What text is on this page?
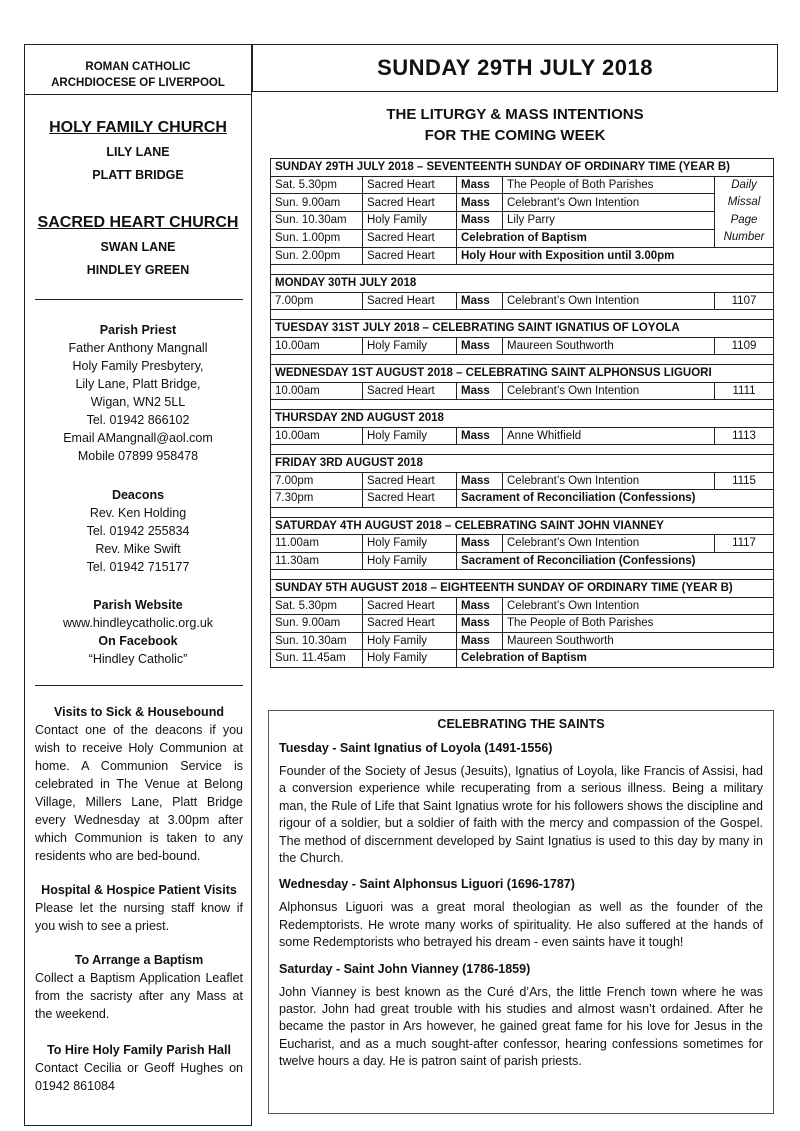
ROMAN CATHOLIC
ARCHDIOCESE OF LIVERPOOL
HOLY FAMILY CHURCH
LILY LANE
PLATT BRIDGE
SACRED HEART CHURCH
SWAN LANE
HINDLEY GREEN
Parish Priest
Father Anthony Mangnall
Holy Family Presbytery,
Lily Lane, Platt Bridge,
Wigan, WN2 5LL
Tel. 01942 866102
Email AMangnall@aol.com
Mobile 07899 958478
Deacons
Rev. Ken Holding
Tel. 01942 255834
Rev. Mike Swift
Tel. 01942 715177
Parish Website
www.hindleycatholic.org.uk
On Facebook
“Hindley Catholic”
Visits to Sick & Housebound
Contact one of the deacons if you wish to receive Holy Communion at home. A Communion Service is celebrated in The Venue at Belong Village, Millers Lane, Platt Bridge every Wednesday at 3.00pm after which Communion is taken to any residents who are bed-bound.
Hospital & Hospice Patient Visits
Please let the nursing staff know if you wish to see a priest.
To Arrange a Baptism
Collect a Baptism Application Leaflet from the sacristy after any Mass at the weekend.
To Hire Holy Family Parish Hall
Contact Cecilia or Geoff Hughes on 01942 861084
SUNDAY 29TH JULY 2018
THE LITURGY & MASS INTENTIONS
FOR THE COMING WEEK
SUNDAY 29TH JULY 2018 – SEVENTEENTH SUNDAY OF ORDINARY TIME (YEAR B)				
Sat. 5.30pm	Sacred Heart	Mass	The People of Both Parishes	Daily
Missal
Page
Number

Sun. 9.00am	Sacred Heart	Mass	Celebrant’s Own Intention	
Sun. 10.30am	Holy Family	Mass	Lily Parry	
Sun. 1.00pm	Sacred Heart	Celebration of Baptism		
Sun. 2.00pm	Sacred Heart	Holy Hour with Exposition until 3.00pm		

MONDAY 30TH JULY 2018				
7.00pm	Sacred Heart	Mass	Celebrant’s Own Intention	1107

TUESDAY 31ST JULY 2018 – CELEBRATING SAINT IGNATIUS OF LOYOLA				
10.00am	Holy Family	Mass	Maureen Southworth	1109

WEDNESDAY 1ST AUGUST 2018 – CELEBRATING SAINT ALPHONSUS LIGUORI				
10.00am	Sacred Heart	Mass	Celebrant’s Own Intention	1111

THURSDAY 2ND AUGUST 2018				
10.00am	Holy Family	Mass	Anne Whitfield	1113

FRIDAY 3RD AUGUST 2018				
7.00pm	Sacred Heart	Mass	Celebrant’s Own Intention	1115
7.30pm	Sacred Heart	Sacrament of Reconciliation (Confessions)		

SATURDAY 4TH AUGUST 2018 – CELEBRATING SAINT JOHN VIANNEY				
11.00am	Holy Family	Mass	Celebrant’s Own Intention	1117
11.30am	Holy Family	Sacrament of Reconciliation (Confessions)		

SUNDAY 5TH AUGUST 2018 – EIGHTEENTH SUNDAY OF ORDINARY TIME (YEAR B)				
Sat. 5.30pm	Sacred Heart	Mass	Celebrant’s Own Intention	
Sun. 9.00am	Sacred Heart	Mass	The People of Both Parishes	
Sun. 10.30am	Holy Family	Mass	Maureen Southworth	
Sun. 11.45am	Holy Family	Celebration of Baptism		
CELEBRATING THE SAINTS
Tuesday - Saint Ignatius of Loyola (1491-1556)
Founder of the Society of Jesus (Jesuits), Ignatius of Loyola, like Francis of Assisi, had a conversion experience while recuperating from a serious illness. Being a military man, the Rule of Life that Saint Ignatius wrote for his followers shows the discipline and rigour of a soldier, but a soldier of faith with the mercy and compassion of the Gospel. The method of discernment developed by Saint Ignatius is used to this day by many in the Church.
Wednesday - Saint Alphonsus Liguori (1696-1787)
Alphonsus Liguori was a great moral theologian as well as the founder of the Redemptorists. He wrote many works of spirituality. He also suffered at the hands of some Redemptorists who betrayed his dream - even saints have it tough!
Saturday - Saint John Vianney (1786-1859)
John Vianney is best known as the Curé d’Ars, the little French town where he was pastor. John had great trouble with his studies and almost wasn’t ordained. After he became the pastor in Ars however, he gained great fame for his love for Jesus in the Eucharist, and as a much sought-after confessor, hearing confessions sometimes for twelve hours a day. He is patron saint of parish priests.
